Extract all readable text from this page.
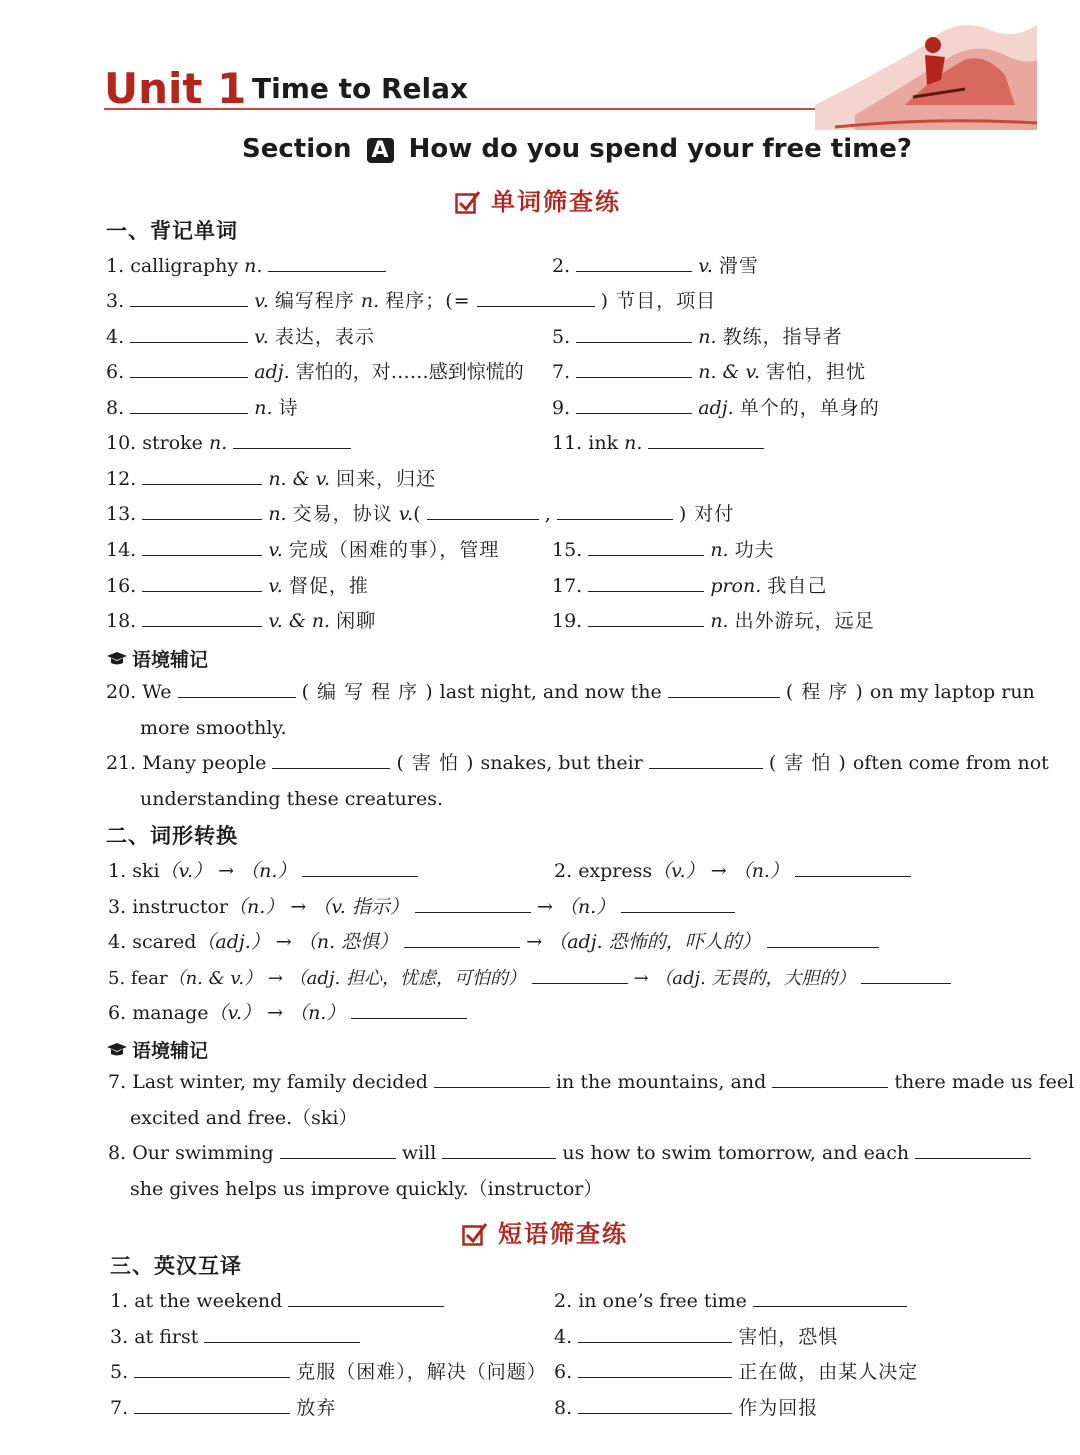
Unit 1 Time to Relax
Section A How do you spend your free time?
单词筛查练
一、背记单词
1. calligraphy n.	2.	v. 滑雪
3.	v. 编写程序 n. 程序；(=	) 节目，项目
4.	v. 表达，表示	5.	n. 教练，指导者
6.	adj. 害怕的，对……感到惊慌的 7.	n. & v. 害怕，担忧
8.	n. 诗	9.	adj. 单个的，单身的
10. stroke n.	11. ink n.
12.	n. & v. 回来，归还
13.	n. 交易，协议 v.(	,	) 对付
14.	v. 完成（困难的事），管理	15.	n. 功夫
16.	v. 督促，推	17.	pron. 我自己
18.	v. & n. 闲聊	19.	n. 出外游玩，远足
语境辅记
20. We	( 编 写 程 序 ) last night, and now the	( 程 序 ) on my laptop run
more smoothly.
21. Many people	( 害 怕 ) snakes, but their	( 害 怕 ) often come from not
understanding these creatures.
二、词形转换
1. ski（v.） → （n.）	2. express（v.） → （n.）
3. instructor（n.） → （v. 指示）	→ （n.）
4. scared（adj.） → （n. 恐惧）	→ （adj. 恐怖的，吓人的）
5. fear（n. & v.） → （adj. 担心，忧虑，可怕的）	→ （adj. 无畏的，大胆的）
6. manage（v.） → （n.）
语境辅记
7. Last winter, my family decided	in the mountains, and	there made us feel
excited and free.（ski）
8. Our swimming	will	us how to swim tomorrow, and each
she gives helps us improve quickly.（instructor）
短语筛查练
三、英汉互译
1. at the weekend	2. in one’s free time
3. at first	4.	害怕，恐惧
5.	克服（困难），解决（问题） 6.	正在做，由某人决定
7.	放弃	8.	作为回报
